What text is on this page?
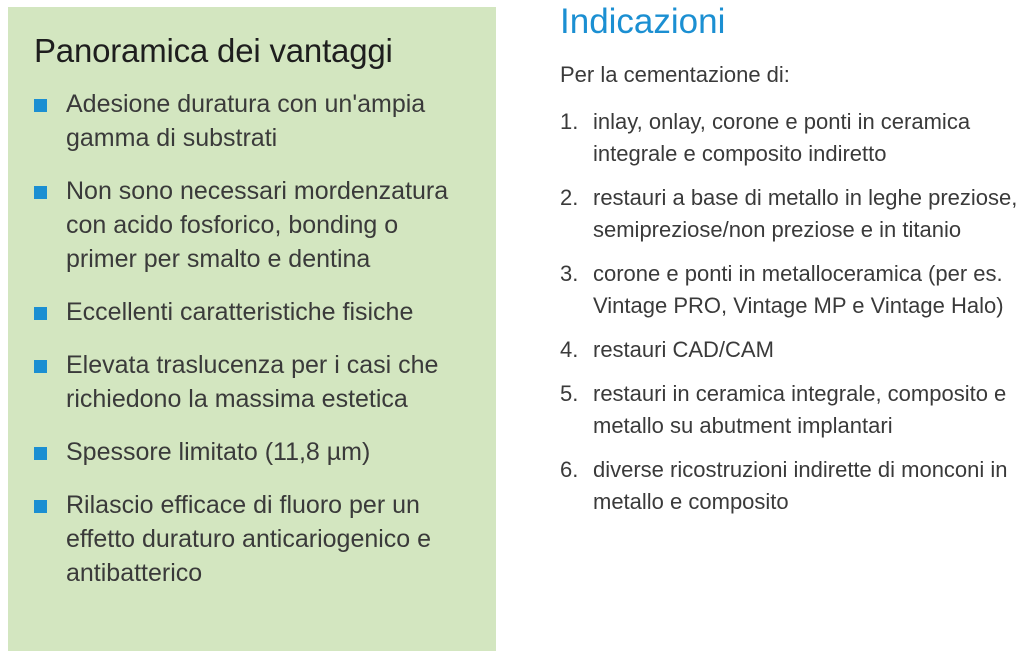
Panoramica dei vantaggi
Adesione duratura con un'ampia gamma di substrati
Non sono necessari mordenzatura con acido fosforico, bonding o primer per smalto e dentina
Eccellenti caratteristiche fisiche
Elevata traslucenza per i casi che richiedono la massima estetica
Spessore limitato (11,8 µm)
Rilascio efficace di fluoro per un effetto duraturo anticariogenico e antibatterico
Indicazioni
Per la cementazione di:
1. inlay, onlay, corone e ponti in ceramica integrale e composito indiretto
2. restauri a base di metallo in leghe preziose, semipreziose/non preziose e in titanio
3. corone e ponti in metalloceramica (per es. Vintage PRO, Vintage MP e Vintage Halo)
4. restauri CAD/CAM
5. restauri in ceramica integrale, composito e metallo su abutment implantari
6. diverse ricostruzioni indirette di monconi in metallo e composito
